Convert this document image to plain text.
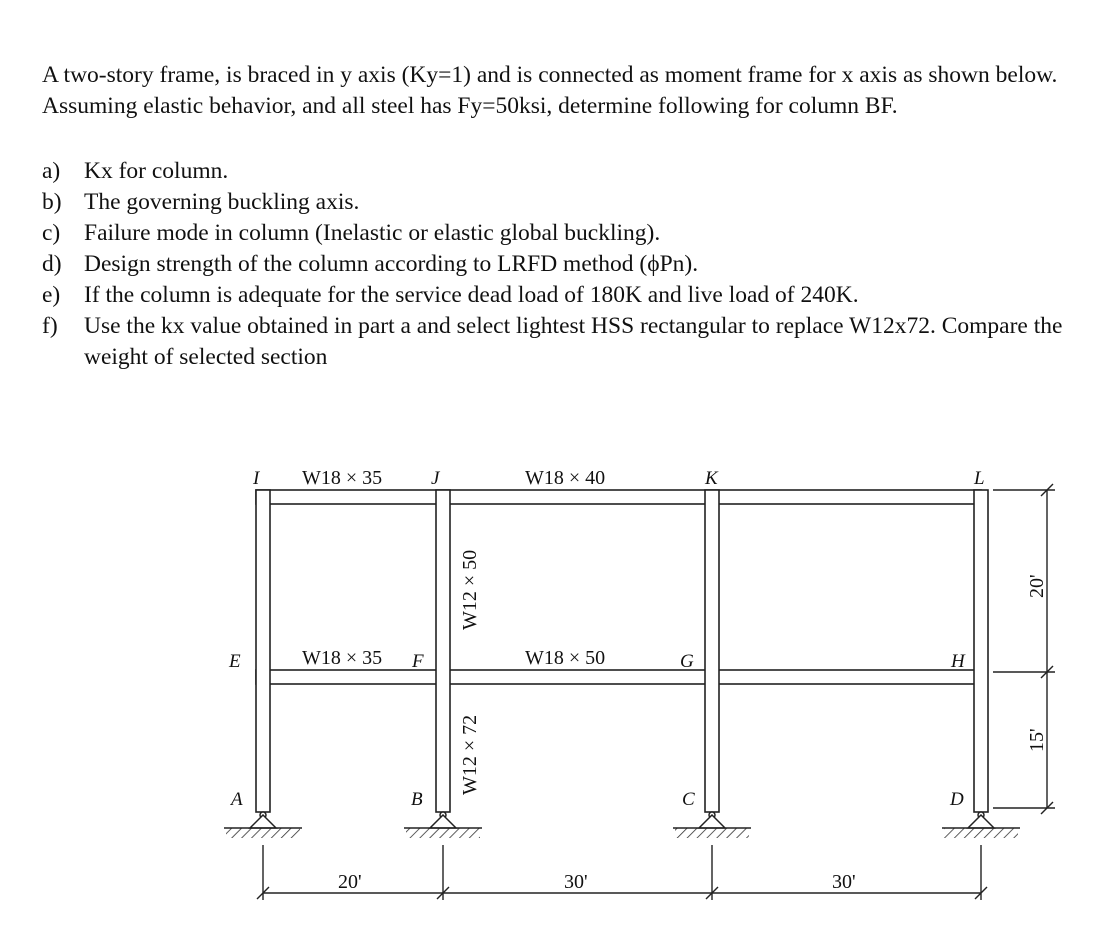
A two-story frame, is braced in y axis (Ky=1) and is connected as moment frame for x axis as shown below. Assuming elastic behavior, and all steel has Fy=50ksi, determine following for column BF.

a)	Kx for column.
b) The governing buckling axis.
c)	Failure mode in column (Inelastic or elastic global buckling).
d) Design strength of the column according to LRFD method (ϕPn).
e)	If the column is adequate for the service dead load of 180K and live load of 240K.
f)	Use the kx value obtained in part a and select lightest HSS rectangular to replace W12x72. Compare the weight of selected section
I	J	K	L
E	F	G	H
A	B	C	D
W18 × 35	W18 × 40
W18 × 35	W18 × 50
W12 × 50
W12 × 72
20'	30'	30'
20'
15'
